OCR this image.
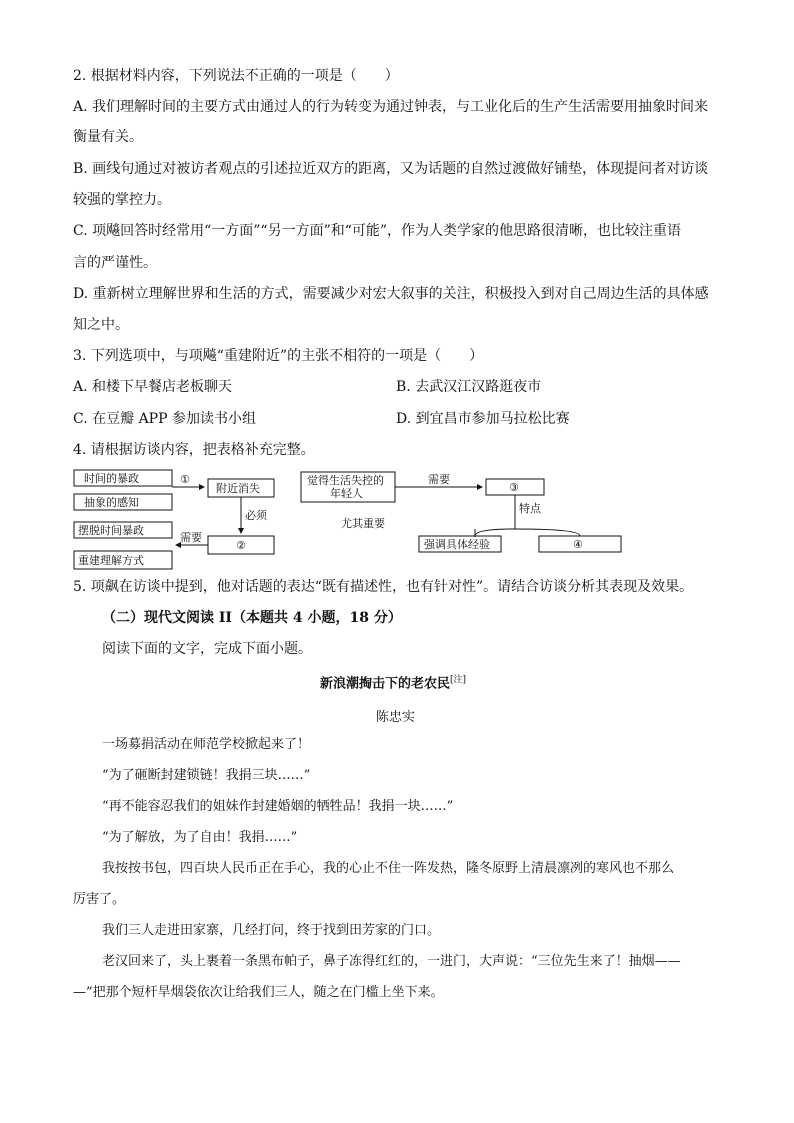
2. 根据材料内容，下列说法不正确的一项是（　　）
A. 我们理解时间的主要方式由通过人的行为转变为通过钟表，与工业化后的生产生活需要用抽象时间来
衡量有关。
B. 画线句通过对被访者观点的引述拉近双方的距离，又为话题的自然过渡做好铺垫，体现提问者对访谈
较强的掌控力。
C. 项飚回答时经常用“一方面”“另一方面”和“可能”，作为人类学家的他思路很清晰，也比较注重语
言的严谨性。
D. 重新树立理解世界和生活的方式，需要减少对宏大叙事的关注，积极投入到对自己周边生活的具体感
知之中。
3. 下列选项中，与项飚“重建附近”的主张不相符的一项是（　　）
A. 和楼下早餐店老板聊天	B. 去武汉江汉路逛夜市
C. 在豆瓣 APP 参加读书小组	D. 到宜昌市参加马拉松比赛
4. 请根据访谈内容，把表格补充完整。
时间的暴政
抽象的感知
①
附近消失
必须
②
需要
摆脱时间暴政
重建理解方式
觉得生活失控的
年轻人
需要
③
特点
尤其重要
强调具体经验	④
5. 项飙在访谈中提到，他对话题的表达“既有描述性，也有针对性”。请结合访谈分析其表现及效果。
（二）现代文阅读 II（本题共 4 小题，18 分）
阅读下面的文字，完成下面小题。
新浪潮掏击下的老农民[注]
陈忠实
一场募捐活动在师范学校掀起来了！
“为了砸断封建锁链！我捐三块……”
“再不能容忍我们的姐妹作封建婚姻的牺牲品！我捐一块……”
“为了解放，为了自由！我捐……”
我按按书包，四百块人民币正在手心，我的心止不住一阵发热，隆冬原野上清晨凛冽的寒风也不那么
厉害了。
我们三人走进田家寨，几经打问，终于找到田芳家的门口。
老汉回来了，头上裹着一条黑布帕子，鼻子冻得红红的，一进门，大声说：“三位先生来了！抽烟——
—”把那个短杆旱烟袋依次让给我们三人，随之在门槛上坐下来。
